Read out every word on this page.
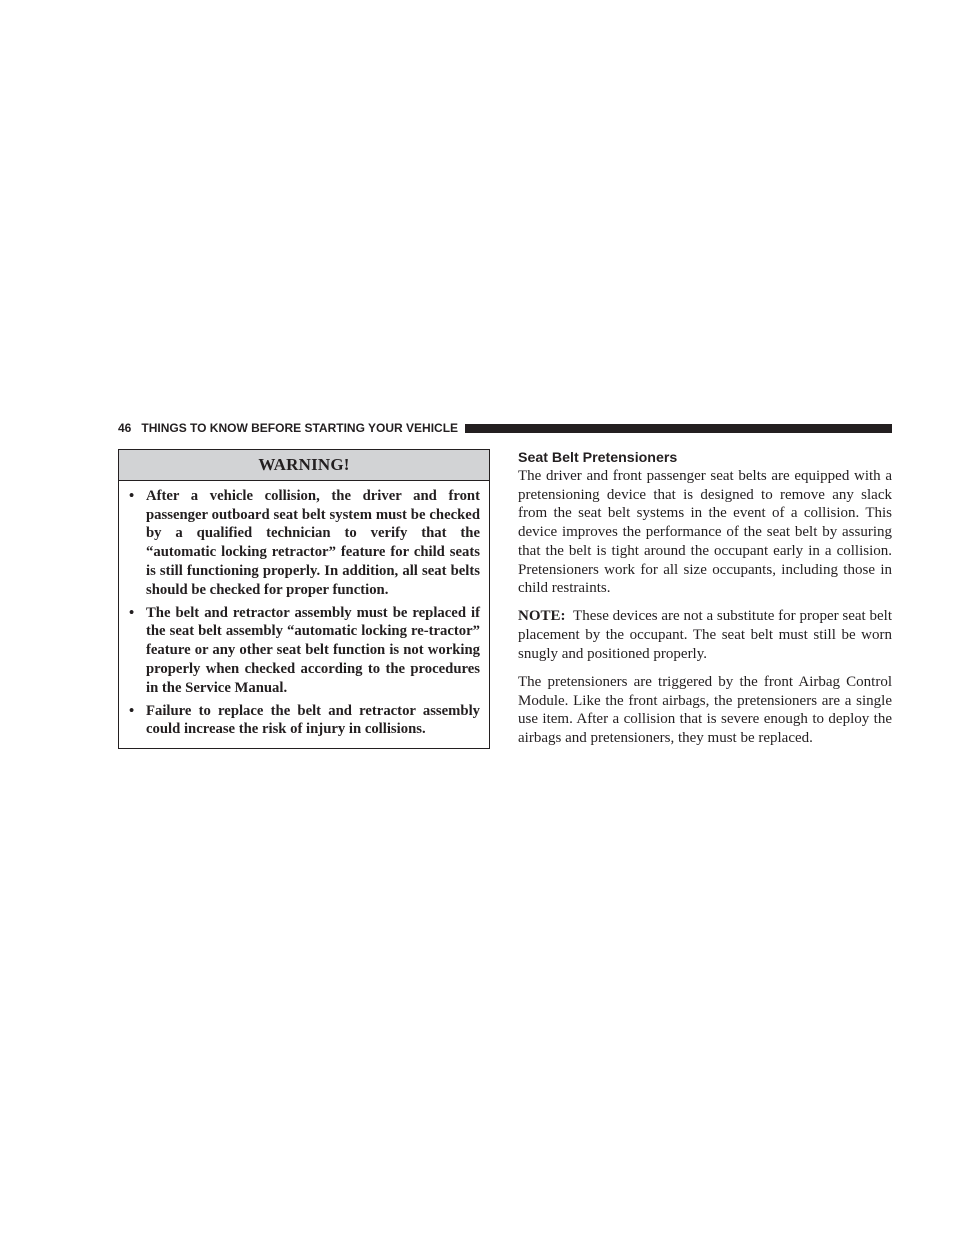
46 THINGS TO KNOW BEFORE STARTING YOUR VEHICLE
WARNING!
• After a vehicle collision, the driver and front passenger outboard seat belt system must be checked by a qualified technician to verify that the “automatic locking retractor” feature for child seats is still functioning properly. In addition, all seat belts should be checked for proper function.
• The belt and retractor assembly must be replaced if the seat belt assembly “automatic locking re-tractor” feature or any other seat belt function is not working properly when checked according to the procedures in the Service Manual.
• Failure to replace the belt and retractor assembly could increase the risk of injury in collisions.
Seat Belt Pretensioners

The driver and front passenger seat belts are equipped with a pretensioning device that is designed to remove any slack from the seat belt systems in the event of a collision. This device improves the performance of the seat belt by assuring that the belt is tight around the occupant early in a collision. Pretensioners work for all size occupants, including those in child restraints.

NOTE: These devices are not a substitute for proper seat belt placement by the occupant. The seat belt must still be worn snugly and positioned properly.

The pretensioners are triggered by the front Airbag Control Module. Like the front airbags, the pretensioners are a single use item. After a collision that is severe enough to deploy the airbags and pretensioners, they must be replaced.
